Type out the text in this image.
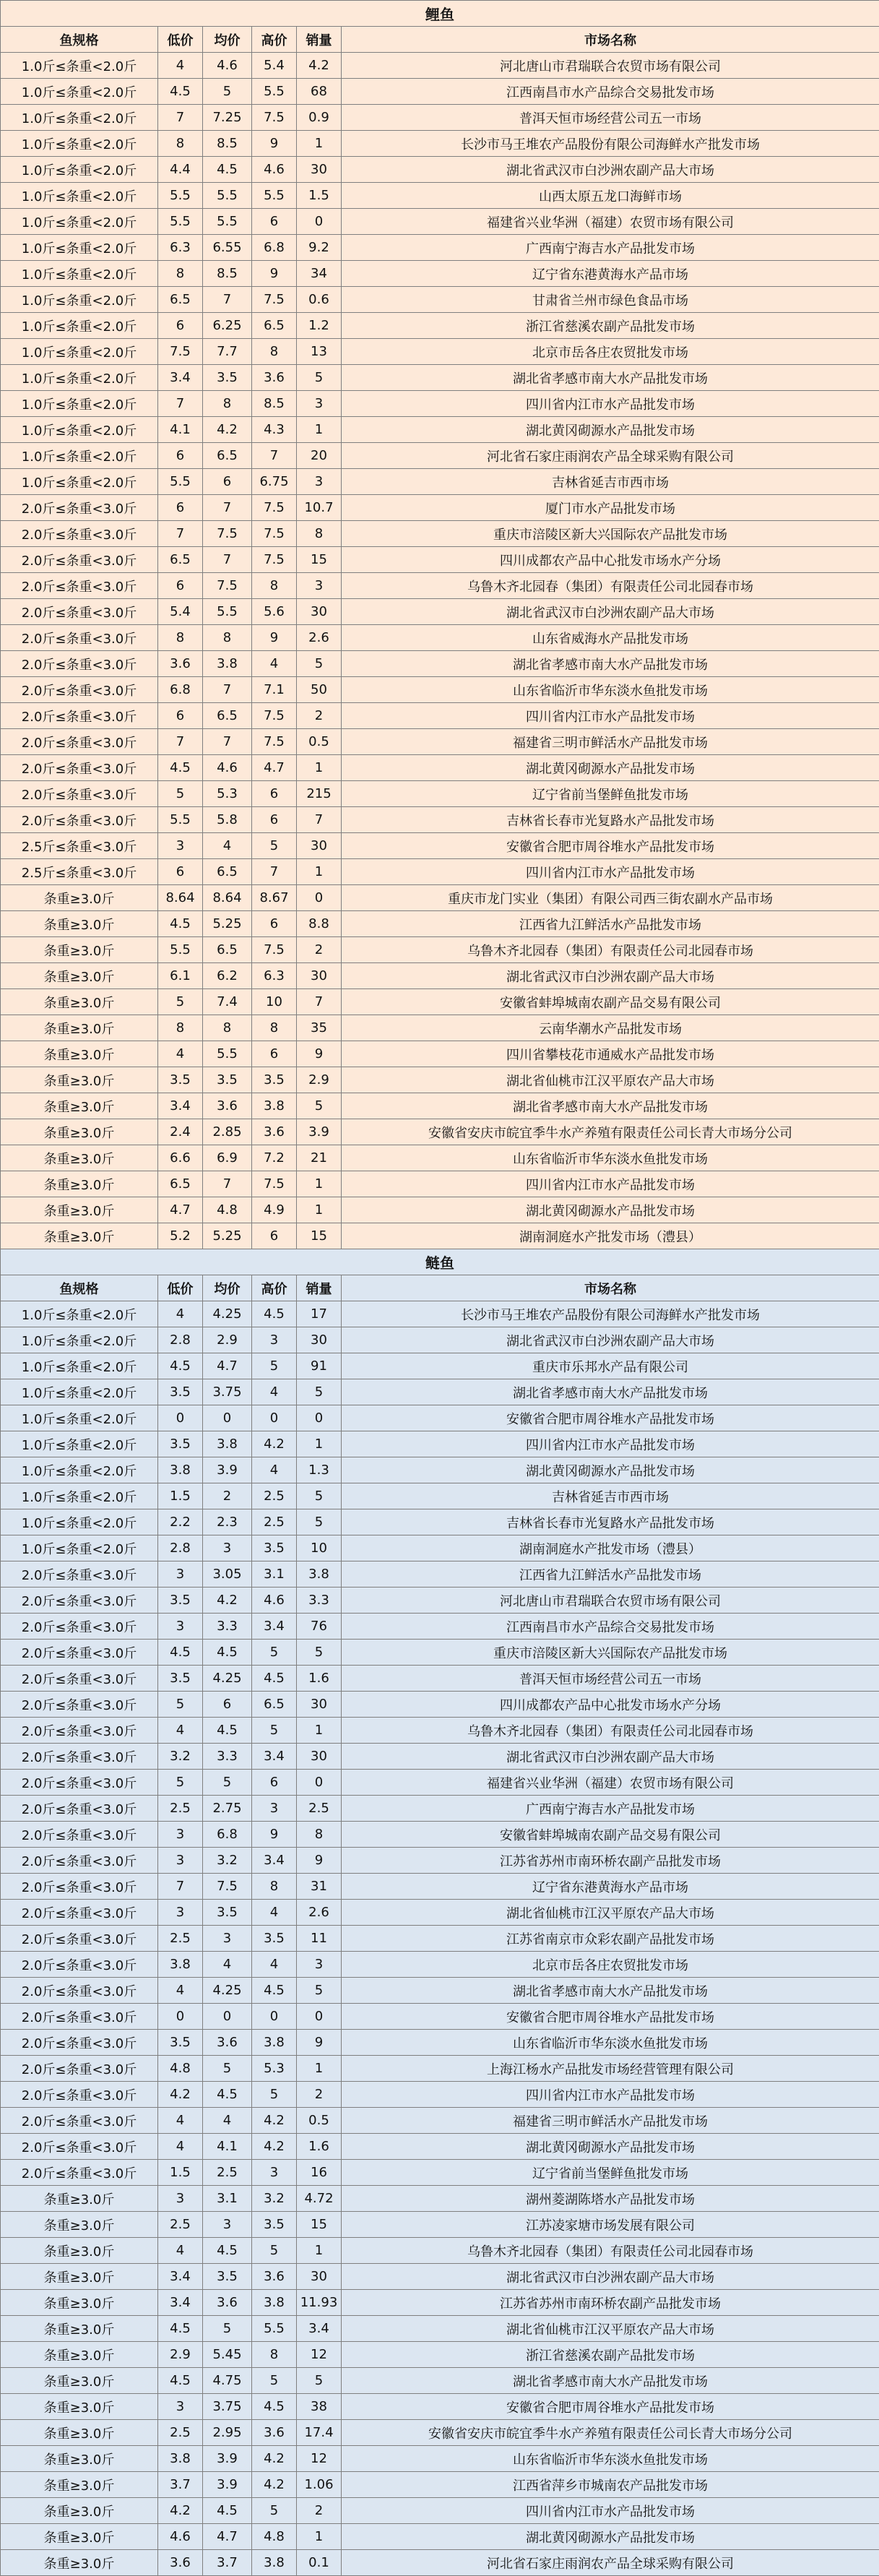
鲤鱼					
鱼规格	低价	均价	高价	销量	市场名称
1.0斤≤条重<2.0斤	4	4.6	5.4	4.2	河北唐山市君瑞联合农贸市场有限公司
1.0斤≤条重<2.0斤	4.5	5	5.5	68	江西南昌市水产品综合交易批发市场
1.0斤≤条重<2.0斤	7	7.25	7.5	0.9	普洱天恒市场经营公司五一市场
1.0斤≤条重<2.0斤	8	8.5	9	1	长沙市马王堆农产品股份有限公司海鲜水产批发市场
1.0斤≤条重<2.0斤	4.4	4.5	4.6	30	湖北省武汉市白沙洲农副产品大市场
1.0斤≤条重<2.0斤	5.5	5.5	5.5	1.5	山西太原五龙口海鲜市场
1.0斤≤条重<2.0斤	5.5	5.5	6	0	福建省兴业华洲（福建）农贸市场有限公司
1.0斤≤条重<2.0斤	6.3	6.55	6.8	9.2	广西南宁海吉水产品批发市场
1.0斤≤条重<2.0斤	8	8.5	9	34	辽宁省东港黄海水产品市场
1.0斤≤条重<2.0斤	6.5	7	7.5	0.6	甘肃省兰州市绿色食品市场
1.0斤≤条重<2.0斤	6	6.25	6.5	1.2	浙江省慈溪农副产品批发市场
1.0斤≤条重<2.0斤	7.5	7.7	8	13	北京市岳各庄农贸批发市场
1.0斤≤条重<2.0斤	3.4	3.5	3.6	5	湖北省孝感市南大水产品批发市场
1.0斤≤条重<2.0斤	7	8	8.5	3	四川省内江市水产品批发市场
1.0斤≤条重<2.0斤	4.1	4.2	4.3	1	湖北黄冈砌源水产品批发市场
1.0斤≤条重<2.0斤	6	6.5	7	20	河北省石家庄雨润农产品全球采购有限公司
1.0斤≤条重<2.0斤	5.5	6	6.75	3	吉林省延吉市西市场
2.0斤≤条重<3.0斤	6	7	7.5	10.7	厦门市水产品批发市场
2.0斤≤条重<3.0斤	7	7.5	7.5	8	重庆市涪陵区新大兴国际农产品批发市场
2.0斤≤条重<3.0斤	6.5	7	7.5	15	四川成都农产品中心批发市场水产分场
2.0斤≤条重<3.0斤	6	7.5	8	3	乌鲁木齐北园春（集团）有限责任公司北园春市场
2.0斤≤条重<3.0斤	5.4	5.5	5.6	30	湖北省武汉市白沙洲农副产品大市场
2.0斤≤条重<3.0斤	8	8	9	2.6	山东省威海水产品批发市场
2.0斤≤条重<3.0斤	3.6	3.8	4	5	湖北省孝感市南大水产品批发市场
2.0斤≤条重<3.0斤	6.8	7	7.1	50	山东省临沂市华东淡水鱼批发市场
2.0斤≤条重<3.0斤	6	6.5	7.5	2	四川省内江市水产品批发市场
2.0斤≤条重<3.0斤	7	7	7.5	0.5	福建省三明市鲜活水产品批发市场
2.0斤≤条重<3.0斤	4.5	4.6	4.7	1	湖北黄冈砌源水产品批发市场
2.0斤≤条重<3.0斤	5	5.3	6	215	辽宁省前当堡鲜鱼批发市场
2.0斤≤条重<3.0斤	5.5	5.8	6	7	吉林省长春市光复路水产品批发市场
2.5斤≤条重<3.0斤	3	4	5	30	安徽省合肥市周谷堆水产品批发市场
2.5斤≤条重<3.0斤	6	6.5	7	1	四川省内江市水产品批发市场
条重≥3.0斤	8.64	8.64	8.67	0	重庆市龙门实业（集团）有限公司西三街农副水产品市场
条重≥3.0斤	4.5	5.25	6	8.8	江西省九江鲜活水产品批发市场
条重≥3.0斤	5.5	6.5	7.5	2	乌鲁木齐北园春（集团）有限责任公司北园春市场
条重≥3.0斤	6.1	6.2	6.3	30	湖北省武汉市白沙洲农副产品大市场
条重≥3.0斤	5	7.4	10	7	安徽省蚌埠城南农副产品交易有限公司
条重≥3.0斤	8	8	8	35	云南华潮水产品批发市场
条重≥3.0斤	4	5.5	6	9	四川省攀枝花市通威水产品批发市场
条重≥3.0斤	3.5	3.5	3.5	2.9	湖北省仙桃市江汉平原农产品大市场
条重≥3.0斤	3.4	3.6	3.8	5	湖北省孝感市南大水产品批发市场
条重≥3.0斤	2.4	2.85	3.6	3.9	安徽省安庆市皖宜季牛水产养殖有限责任公司长青大市场分公司
条重≥3.0斤	6.6	6.9	7.2	21	山东省临沂市华东淡水鱼批发市场
条重≥3.0斤	6.5	7	7.5	1	四川省内江市水产品批发市场
条重≥3.0斤	4.7	4.8	4.9	1	湖北黄冈砌源水产品批发市场
条重≥3.0斤	5.2	5.25	6	15	湖南洞庭水产批发市场（澧县）
鲢鱼					
鱼规格	低价	均价	高价	销量	市场名称
1.0斤≤条重<2.0斤	4	4.25	4.5	17	长沙市马王堆农产品股份有限公司海鲜水产批发市场
1.0斤≤条重<2.0斤	2.8	2.9	3	30	湖北省武汉市白沙洲农副产品大市场
1.0斤≤条重<2.0斤	4.5	4.7	5	91	重庆市乐邦水产品有限公司
1.0斤≤条重<2.0斤	3.5	3.75	4	5	湖北省孝感市南大水产品批发市场
1.0斤≤条重<2.0斤	0	0	0	0	安徽省合肥市周谷堆水产品批发市场
1.0斤≤条重<2.0斤	3.5	3.8	4.2	1	四川省内江市水产品批发市场
1.0斤≤条重<2.0斤	3.8	3.9	4	1.3	湖北黄冈砌源水产品批发市场
1.0斤≤条重<2.0斤	1.5	2	2.5	5	吉林省延吉市西市场
1.0斤≤条重<2.0斤	2.2	2.3	2.5	5	吉林省长春市光复路水产品批发市场
1.0斤≤条重<2.0斤	2.8	3	3.5	10	湖南洞庭水产批发市场（澧县）
2.0斤≤条重<3.0斤	3	3.05	3.1	3.8	江西省九江鲜活水产品批发市场
2.0斤≤条重<3.0斤	3.5	4.2	4.6	3.3	河北唐山市君瑞联合农贸市场有限公司
2.0斤≤条重<3.0斤	3	3.3	3.4	76	江西南昌市水产品综合交易批发市场
2.0斤≤条重<3.0斤	4.5	4.5	5	5	重庆市涪陵区新大兴国际农产品批发市场
2.0斤≤条重<3.0斤	3.5	4.25	4.5	1.6	普洱天恒市场经营公司五一市场
2.0斤≤条重<3.0斤	5	6	6.5	30	四川成都农产品中心批发市场水产分场
2.0斤≤条重<3.0斤	4	4.5	5	1	乌鲁木齐北园春（集团）有限责任公司北园春市场
2.0斤≤条重<3.0斤	3.2	3.3	3.4	30	湖北省武汉市白沙洲农副产品大市场
2.0斤≤条重<3.0斤	5	5	6	0	福建省兴业华洲（福建）农贸市场有限公司
2.0斤≤条重<3.0斤	2.5	2.75	3	2.5	广西南宁海吉水产品批发市场
2.0斤≤条重<3.0斤	3	6.8	9	8	安徽省蚌埠城南农副产品交易有限公司
2.0斤≤条重<3.0斤	3	3.2	3.4	9	江苏省苏州市南环桥农副产品批发市场
2.0斤≤条重<3.0斤	7	7.5	8	31	辽宁省东港黄海水产品市场
2.0斤≤条重<3.0斤	3	3.5	4	2.6	湖北省仙桃市江汉平原农产品大市场
2.0斤≤条重<3.0斤	2.5	3	3.5	11	江苏省南京市众彩农副产品批发市场
2.0斤≤条重<3.0斤	3.8	4	4	3	北京市岳各庄农贸批发市场
2.0斤≤条重<3.0斤	4	4.25	4.5	5	湖北省孝感市南大水产品批发市场
2.0斤≤条重<3.0斤	0	0	0	0	安徽省合肥市周谷堆水产品批发市场
2.0斤≤条重<3.0斤	3.5	3.6	3.8	9	山东省临沂市华东淡水鱼批发市场
2.0斤≤条重<3.0斤	4.8	5	5.3	1	上海江杨水产品批发市场经营管理有限公司
2.0斤≤条重<3.0斤	4.2	4.5	5	2	四川省内江市水产品批发市场
2.0斤≤条重<3.0斤	4	4	4.2	0.5	福建省三明市鲜活水产品批发市场
2.0斤≤条重<3.0斤	4	4.1	4.2	1.6	湖北黄冈砌源水产品批发市场
2.0斤≤条重<3.0斤	1.5	2.5	3	16	辽宁省前当堡鲜鱼批发市场
条重≥3.0斤	3	3.1	3.2	4.72	湖州菱湖陈塔水产品批发市场
条重≥3.0斤	2.5	3	3.5	15	江苏凌家塘市场发展有限公司
条重≥3.0斤	4	4.5	5	1	乌鲁木齐北园春（集团）有限责任公司北园春市场
条重≥3.0斤	3.4	3.5	3.6	30	湖北省武汉市白沙洲农副产品大市场
条重≥3.0斤	3.4	3.6	3.8	11.93	江苏省苏州市南环桥农副产品批发市场
条重≥3.0斤	4.5	5	5.5	3.4	湖北省仙桃市江汉平原农产品大市场
条重≥3.0斤	2.9	5.45	8	12	浙江省慈溪农副产品批发市场
条重≥3.0斤	4.5	4.75	5	5	湖北省孝感市南大水产品批发市场
条重≥3.0斤	3	3.75	4.5	38	安徽省合肥市周谷堆水产品批发市场
条重≥3.0斤	2.5	2.95	3.6	17.4	安徽省安庆市皖宜季牛水产养殖有限责任公司长青大市场分公司
条重≥3.0斤	3.8	3.9	4.2	12	山东省临沂市华东淡水鱼批发市场
条重≥3.0斤	3.7	3.9	4.2	1.06	江西省萍乡市城南农产品批发市场
条重≥3.0斤	4.2	4.5	5	2	四川省内江市水产品批发市场
条重≥3.0斤	4.6	4.7	4.8	1	湖北黄冈砌源水产品批发市场
条重≥3.0斤	3.6	3.7	3.8	0.1	河北省石家庄雨润农产品全球采购有限公司
